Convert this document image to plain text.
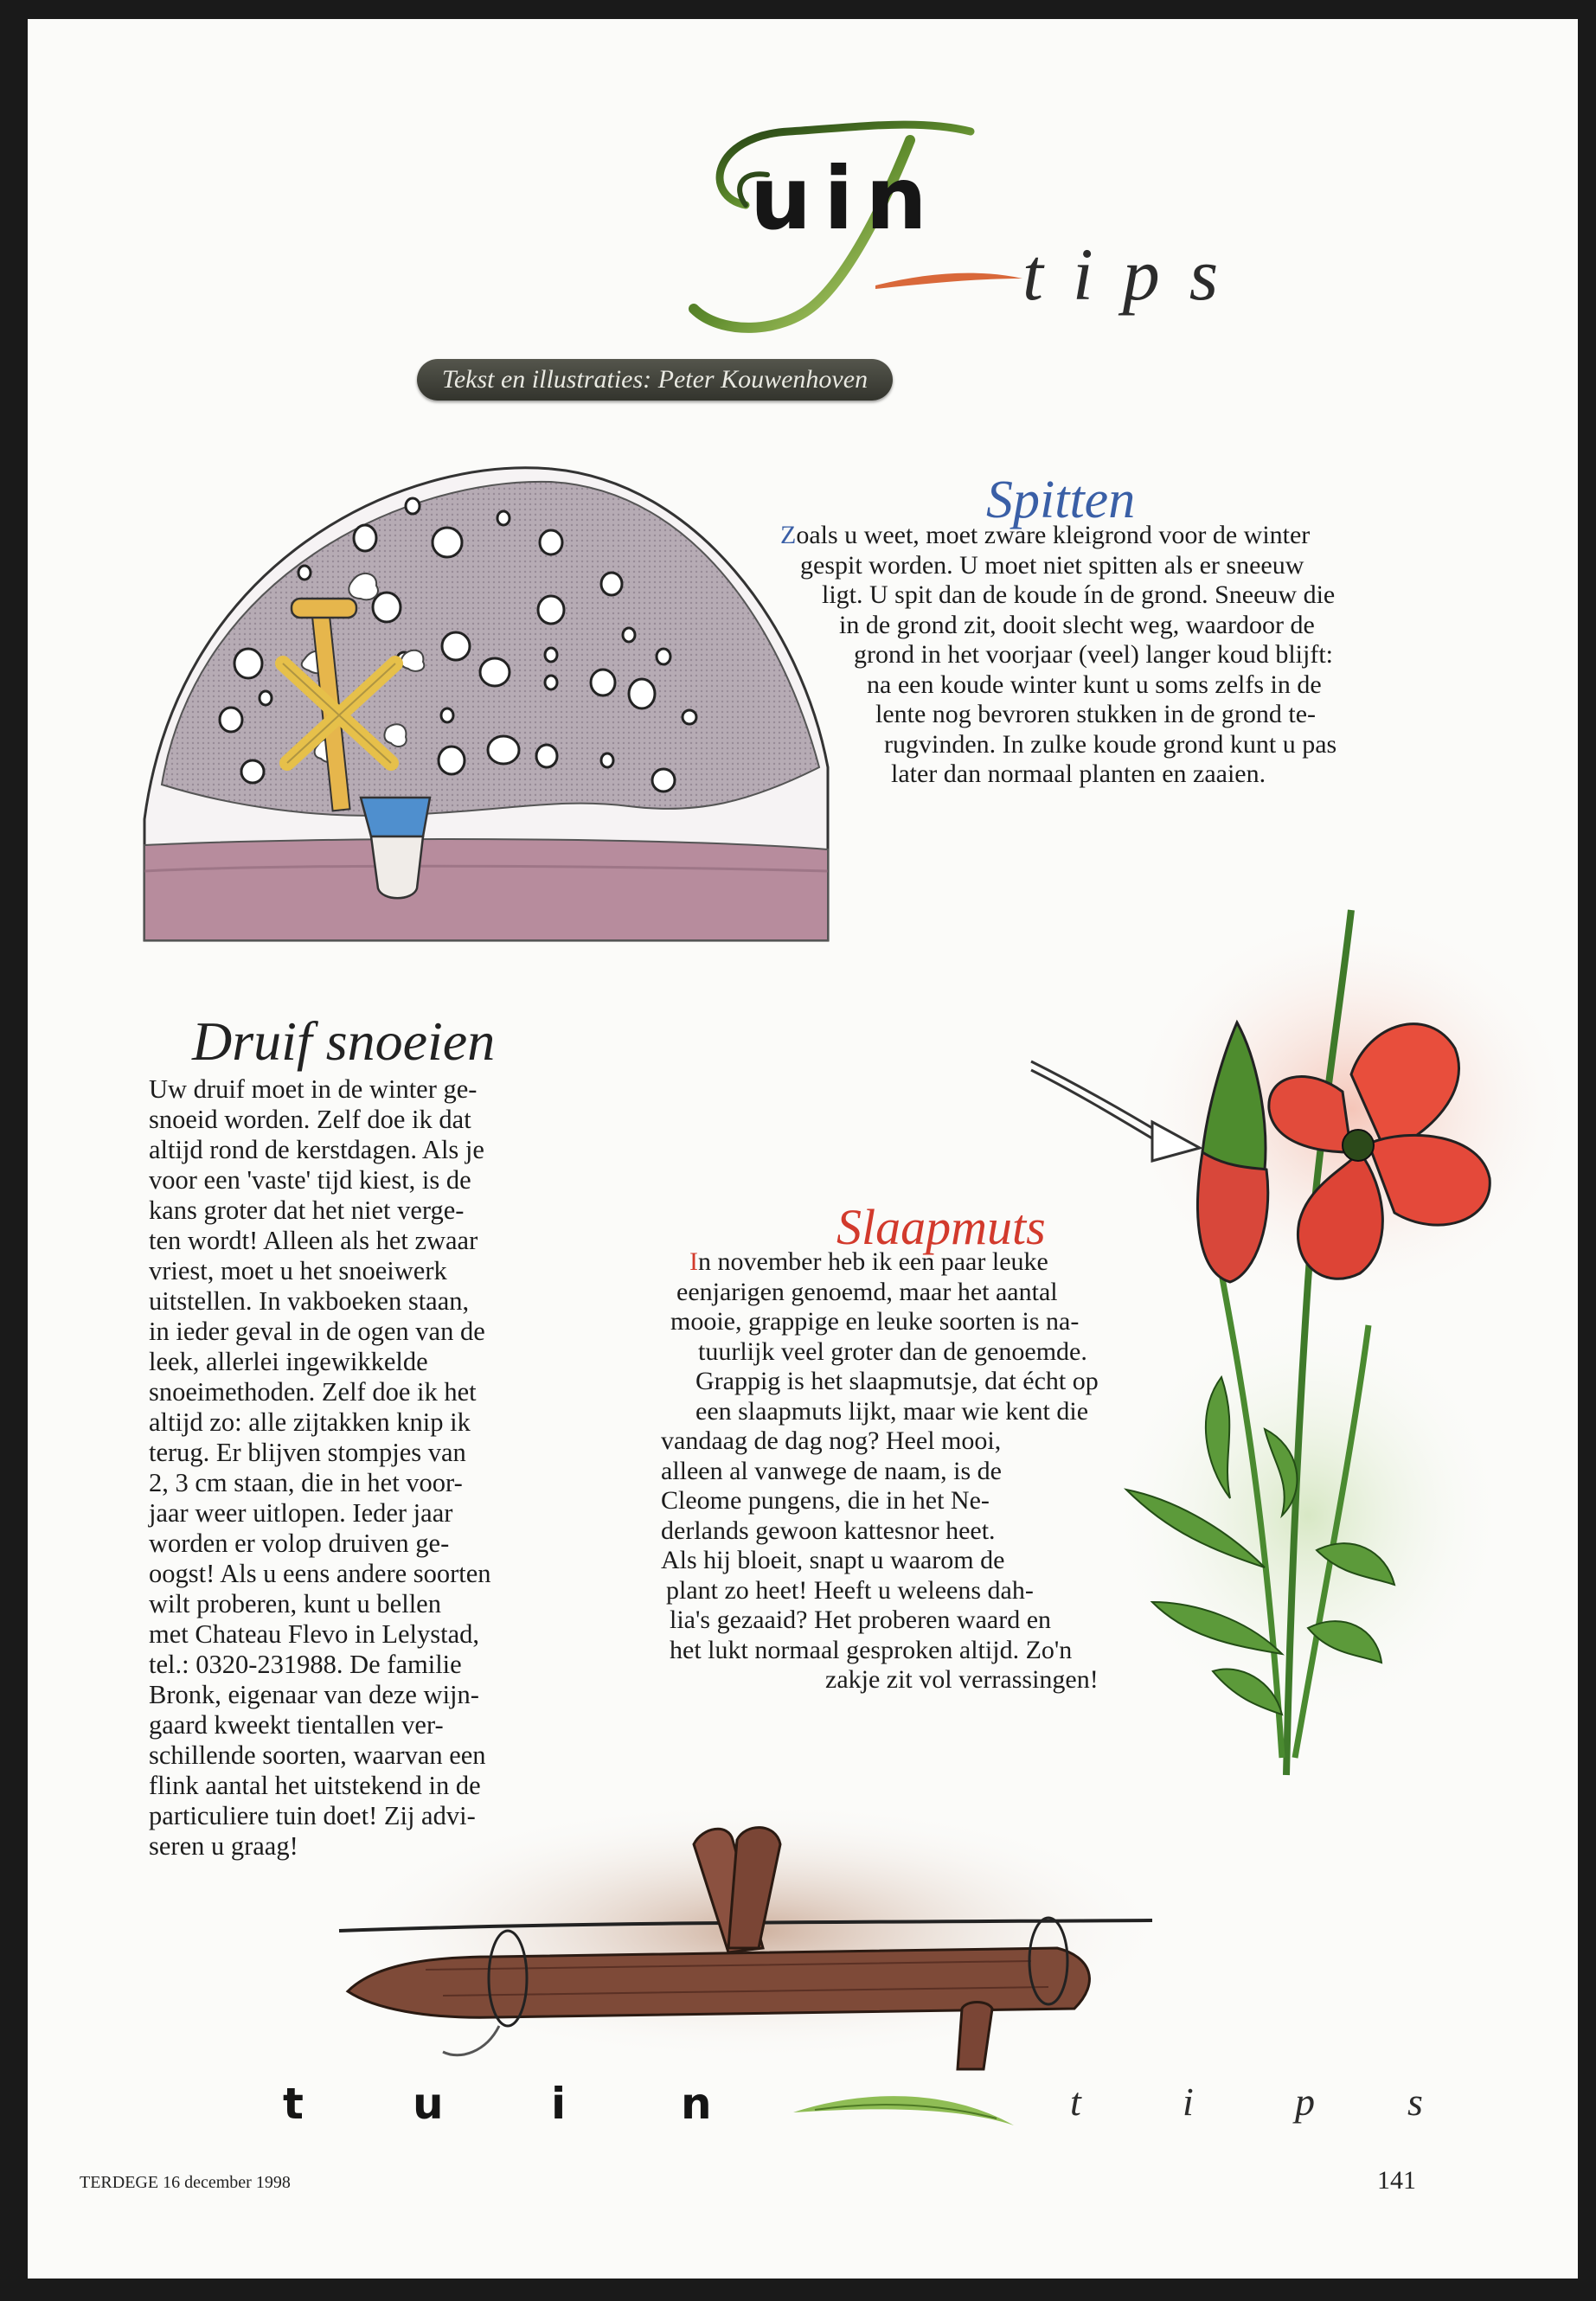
uin
tips
Tekst en illustraties: Peter Kouwenhoven
Spitten
Zoals u weet, moet zware kleigrond voor de winter
gespit worden. U moet niet spitten als er sneeuw
ligt. U spit dan de koude ín de grond. Sneeuw die
in de grond zit, dooit slecht weg, waardoor de
grond in het voorjaar (veel) langer koud blijft:
na een koude winter kunt u soms zelfs in de
lente nog bevroren stukken in de grond te-
rugvinden. In zulke koude grond kunt u pas
later dan normaal planten en zaaien.
Druif snoeien
Uw druif moet in de winter ge-
snoeid worden. Zelf doe ik dat
altijd rond de kerstdagen. Als je
voor een 'vaste' tijd kiest, is de
kans groter dat het niet verge-
ten wordt! Alleen als het zwaar
vriest, moet u het snoeiwerk
uitstellen. In vakboeken staan,
in ieder geval in de ogen van de
leek, allerlei ingewikkelde
snoeimethoden. Zelf doe ik het
altijd zo: alle zijtakken knip ik
terug. Er blijven stompjes van
2, 3 cm staan, die in het voor-
jaar weer uitlopen. Ieder jaar
worden er volop druiven ge-
oogst! Als u eens andere soorten
wilt proberen, kunt u bellen
met Chateau Flevo in Lelystad,
tel.: 0320-231988. De familie
Bronk, eigenaar van deze wijn-
gaard kweekt tientallen ver-
schillende soorten, waarvan een
flink aantal het uitstekend in de
particuliere tuin doet! Zij advi-
seren u graag!
Slaapmuts
In november heb ik een paar leuke
eenjarigen genoemd, maar het aantal
mooie, grappige en leuke soorten is na-
tuurlijk veel groter dan de genoemde.
Grappig is het slaapmutsje, dat écht op
een slaapmuts lijkt, maar wie kent die
vandaag de dag nog? Heel mooi,
alleen al vanwege de naam, is de
Cleome pungens, die in het Ne-
derlands gewoon kattesnor heet.
Als hij bloeit, snapt u waarom de
plant zo heet! Heeft u weleens dah-
lia's gezaaid? Het proberen waard en
het lukt normaal gesproken altijd. Zo'n
zakje zit vol verrassingen!
t	u i	n	t	i	p s
TERDEGE 16 december 1998	141
